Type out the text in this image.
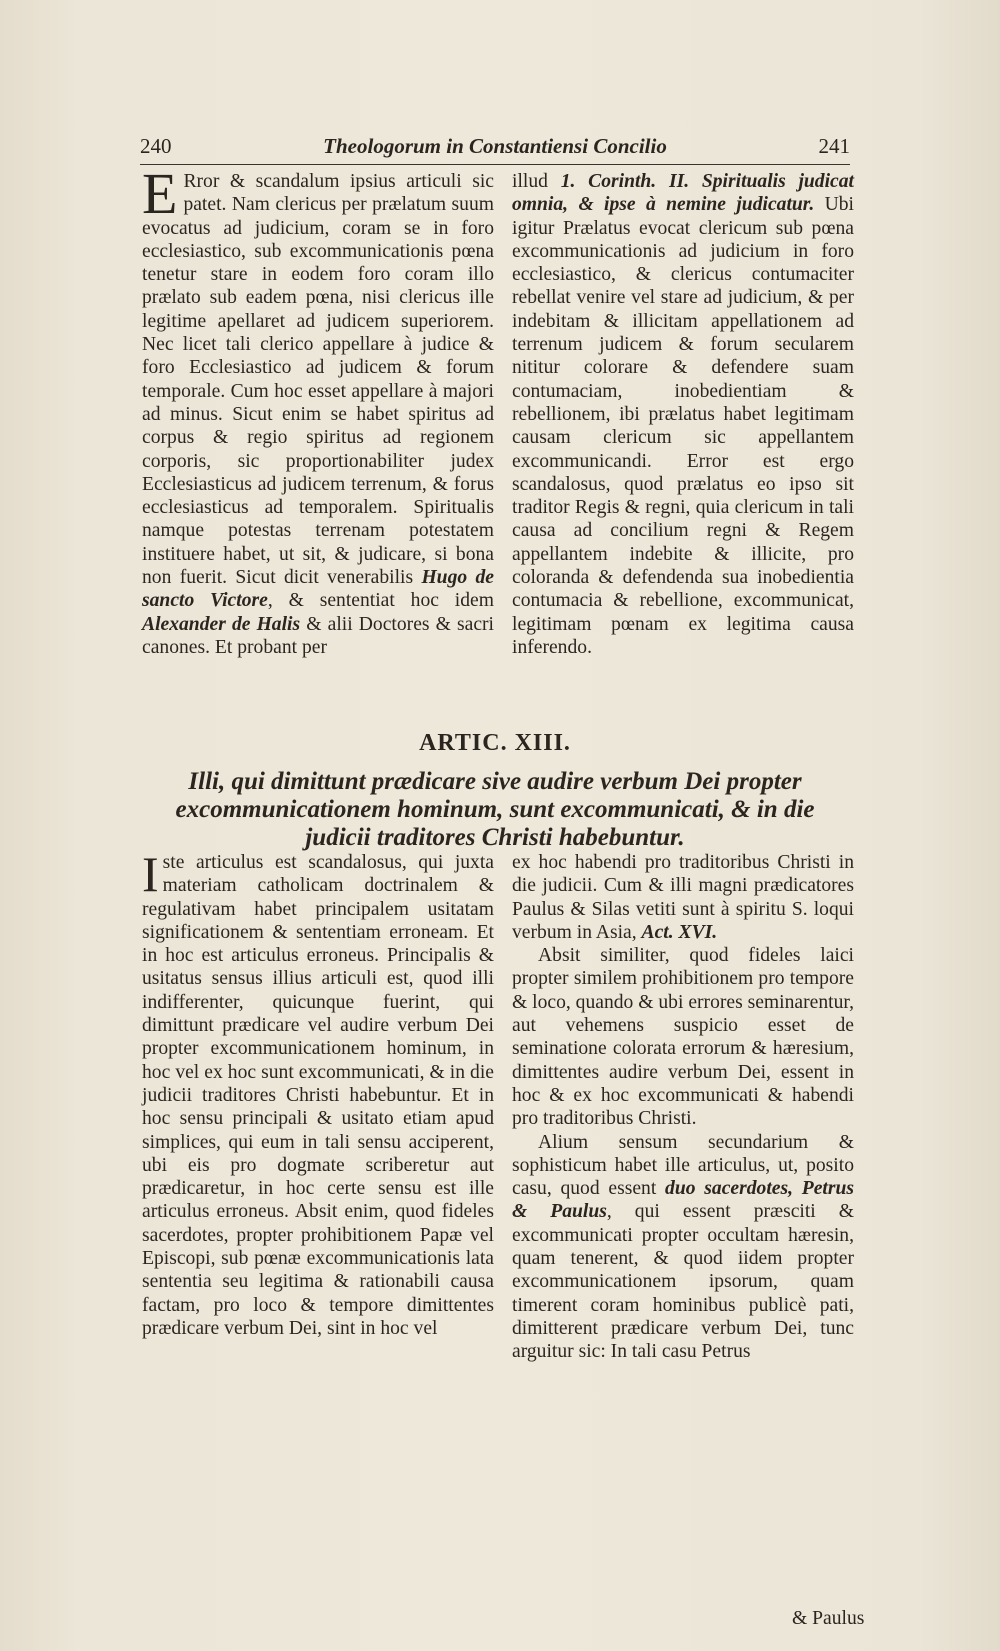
240	Theologorum in Constantiensi Concilio	241

E Rror & scandalum ipsius articuli sic patet. Nam clericus per prælatum suum evocatus ad judicium, coram se in foro ecclesiastico, sub excommunicationis pœna tenetur stare in eodem foro coram illo prælato sub eadem pœna, nisi clericus ille legitime apellaret ad judicem superiorem. Nec licet tali clerico appellare à judice & foro Ecclesiastico ad judicem & forum temporale. Cum hoc esset appellare à majori ad minus. Sicut enim se habet spiritus ad corpus & regio spiritus ad regionem corporis, sic proportionabiliter judex Ecclesiasticus ad judicem terrenum, & forus ecclesiasticus ad temporalem. Spiritualis namque potestas terrenam potestatem instituere habet, ut sit, & judicare, si bona non fuerit. Sicut dicit venerabilis Hugo de sancto Victore, & sententiat hoc idem Alexander de Halis & alii Doctores & sacri canones. Et probant per

illud 1. Corinth. II. Spiritualis judicat omnia, & ipse à nemine judicatur. Ubi igitur Prælatus evocat clericum sub pœna excommunicationis ad judicium in foro ecclesiastico, & clericus contumaciter rebellat venire vel stare ad judicium, & per indebitam & illicitam appellationem ad terrenum judicem & forum secularem nititur colorare & defendere suam contumaciam, inobedientiam & rebellionem, ibi prælatus habet legitimam causam clericum sic appellantem excommunicandi. Error est ergo scandalosus, quod prælatus eo ipso sit traditor Regis & regni, quia clericum in tali causa ad concilium regni & Regem appellantem indebite & illicite, pro coloranda & defendenda sua inobedientia contumacia & rebellione, excommunicat, legitimam pœnam ex legitima causa inferendo.

ARTIC. XIII.
Illi, qui dimittunt prædicare sive audire verbum Dei propter excommunicationem hominum, sunt excommunicati, & in die judicii traditores Christi habebuntur.

Iste articulus est scandalosus, qui juxta materiam catholicam doctrinalem & regulativam habet principalem usitatam significationem & sententiam erroneam. Et in hoc est articulus erroneus. Principalis & usitatus sensus illius articuli est, quod illi indifferenter, quicunque fuerint, qui dimittunt prædicare vel audire verbum Dei propter excommunicationem hominum, in hoc vel ex hoc sunt excommunicati, & in die judicii traditores Christi habebuntur. Et in hoc sensu principali & usitato etiam apud simplices, qui eum in tali sensu acciperent, ubi eis pro dogmate scriberetur aut prædicaretur, in hoc certe sensu est ille articulus erroneus. Absit enim, quod fideles sacerdotes, propter prohibitionem Papæ vel Episcopi, sub pœnæ excommunicationis lata sententia seu legitima & rationabili causa factam, pro loco & tempore dimittentes prædicare verbum Dei, sint in hoc vel

ex hoc habendi pro traditoribus Christi in die judicii. Cum & illi magni prædicatores Paulus & Silas vetiti sunt à spiritu S. loqui verbum in Asia, Act. XVI.

Absit similiter, quod fideles laici propter similem prohibitionem pro tempore & loco, quando & ubi errores seminarentur, aut vehemens suspicio esset de seminatione colorata errorum & hæresium, dimittentes audire verbum Dei, essent in hoc & ex hoc excommunicati & habendi pro traditoribus Christi.

Alium sensum secundarium & sophisticum habet ille articulus, ut, posito casu, quod essent duo sacerdotes, Petrus & Paulus, qui essent præsciti & excommunicati propter occultam hæresin, quam tenerent, & quod iidem propter excommunicationem ipsorum, quam timerent coram hominibus publicè pati, dimitterent prædicare verbum Dei, tunc arguitur sic: In tali casu Petrus

& Paulus
